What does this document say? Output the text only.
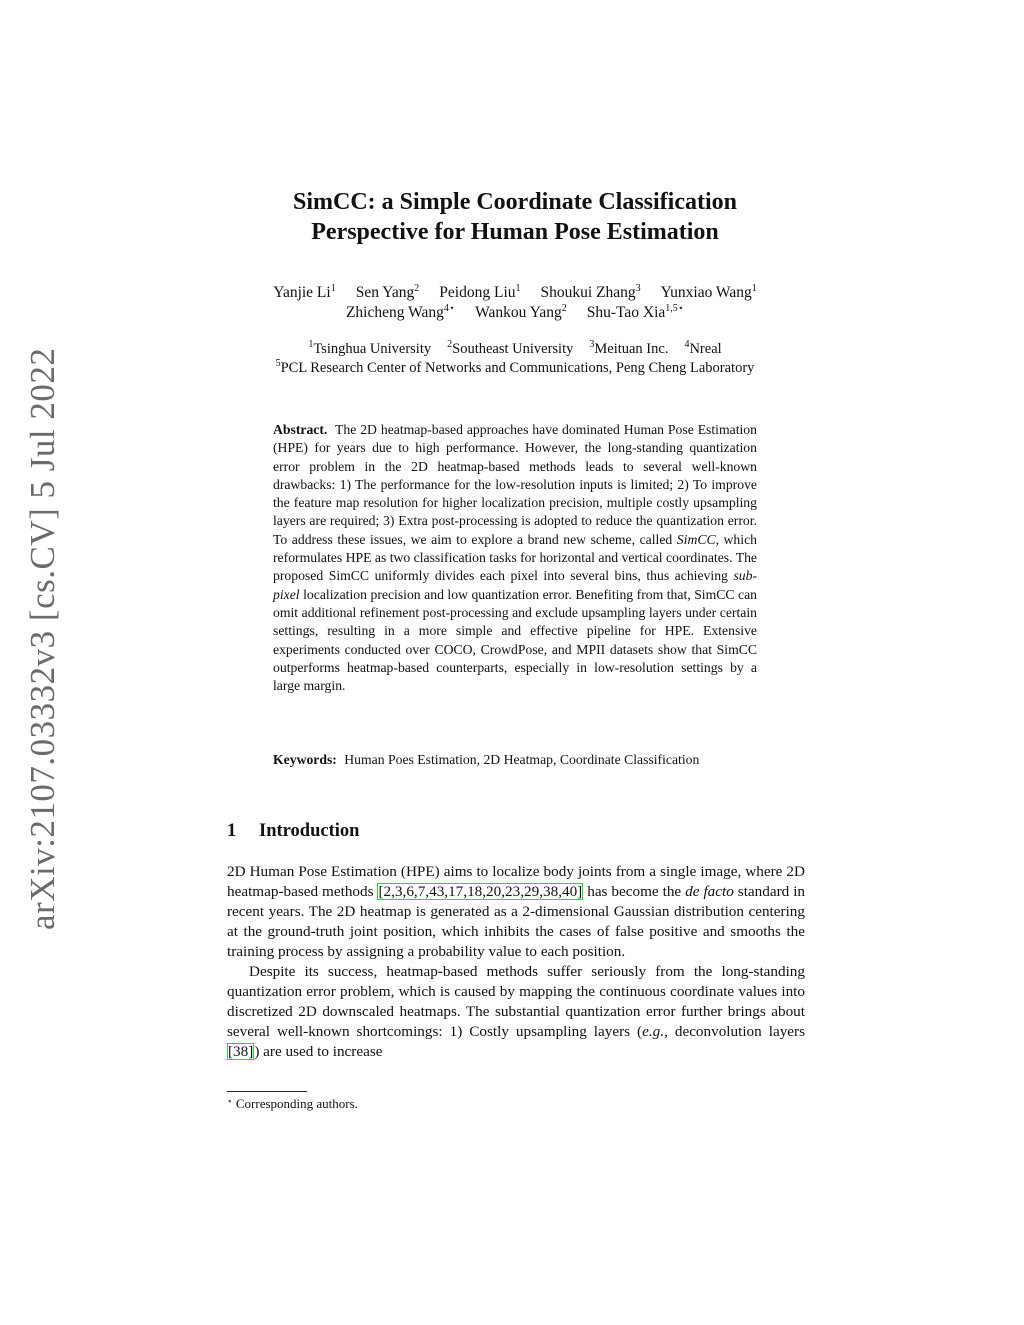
arXiv:2107.03332v3 [cs.CV] 5 Jul 2022
SimCC: a Simple Coordinate Classification
Perspective for Human Pose Estimation
Yanjie Li$^1$ Sen Yang$^2$ Peidong Liu$^1$ Shoukui Zhang$^3$ Yunxiao Wang$^1$
Zhicheng Wang$^{4⋆}$ Wankou Yang$^2$ Shu-Tao Xia$^{1,5⋆}$
$^1$Tsinghua University $^2$Southeast University $^3$Meituan Inc. $^4$Nreal
$^5$PCL Research Center of Networks and Communications, Peng Cheng Laboratory
Abstract. The 2D heatmap-based approaches have dominated Human Pose Estimation (HPE) for years due to high performance. However, the long-standing quantization error problem in the 2D heatmap-based methods leads to several well-known drawbacks: 1) The performance for the low-resolution inputs is limited; 2) To improve the feature map resolution for higher localization precision, multiple costly upsampling layers are required; 3) Extra post-processing is adopted to reduce the quantization error. To address these issues, we aim to explore a brand new scheme, called SimCC, which reformulates HPE as two classification tasks for horizontal and vertical coordinates. The proposed SimCC uniformly divides each pixel into several bins, thus achieving sub-pixel localization precision and low quantization error. Benefiting from that, SimCC can omit additional refinement post-processing and exclude upsampling layers under certain settings, resulting in a more simple and effective pipeline for HPE. Extensive experiments conducted over COCO, CrowdPose, and MPII datasets show that SimCC outperforms heatmap-based counterparts, especially in low-resolution settings by a large margin.
Keywords: Human Poes Estimation, 2D Heatmap, Coordinate Classification
1 Introduction

2D Human Pose Estimation (HPE) aims to localize body joints from a single image, where 2D heatmap-based methods [2,3,6,7,43,17,18,20,23,29,38,40] has become the de facto standard in recent years. The 2D heatmap is generated as a 2-dimensional Gaussian distribution centering at the ground-truth joint position, which inhibits the cases of false positive and smooths the training process by assigning a probability value to each position.

Despite its success, heatmap-based methods suffer seriously from the long-standing quantization error problem, which is caused by mapping the continuous coordinate values into discretized 2D downscaled heatmaps. The substantial quantization error further brings about several well-known shortcomings: 1) Costly upsampling layers (e.g., deconvolution layers [38]) are used to increase

⋆ Corresponding authors.
